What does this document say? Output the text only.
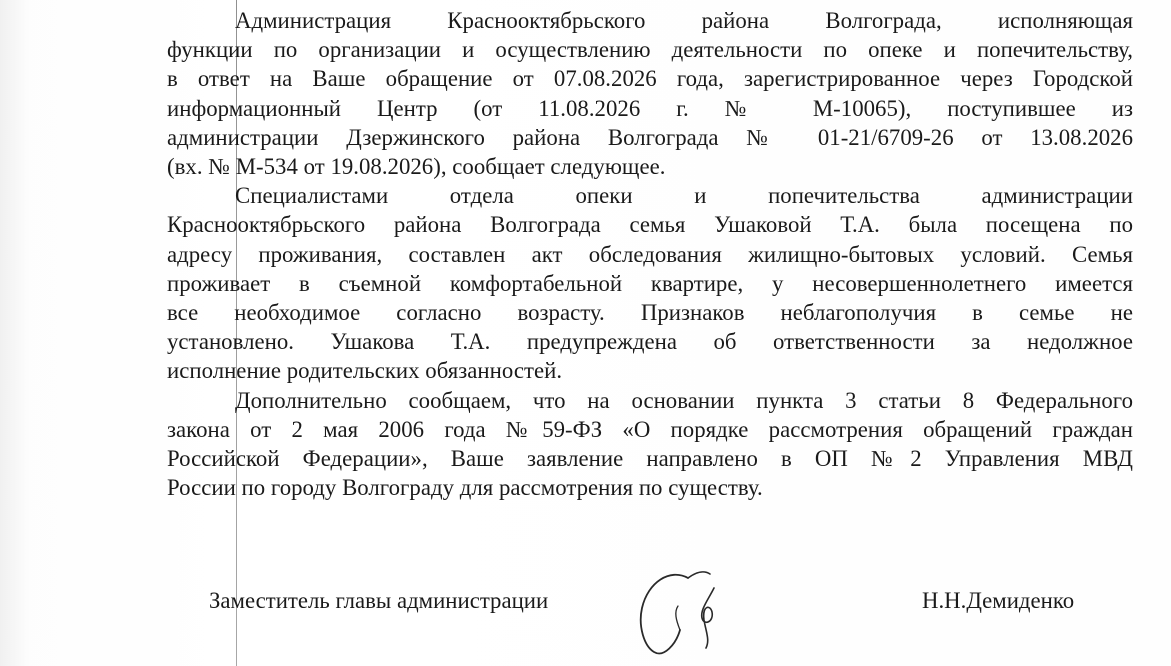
Администрация Краснооктябрьского района Волгограда, исполняющая
функции по организации и осуществлению деятельности по опеке и попечительству,
в ответ на Ваше обращение от 07.08.2026 года, зарегистрированное через Городской
информационный Центр (от 11.08.2026 г. № М-10065), поступившее из
администрации Дзержинского района Волгограда № 01-21/6709-26 от 13.08.2026
(вх. № М-534 от 19.08.2026), сообщает следующее.
Специалистами отдела опеки и попечительства администрации
Краснооктябрьского района Волгограда семья Ушаковой Т.А. была посещена по
адресу проживания, составлен акт обследования жилищно-бытовых условий. Семья
проживает в съемной комфортабельной квартире, у несовершеннолетнего имеется
все необходимое согласно возрасту. Признаков неблагополучия в семье не
установлено. Ушакова Т.А. предупреждена об ответственности за недолжное
исполнение родительских обязанностей.
Дополнительно сообщаем, что на основании пункта 3 статьи 8 Федерального
закона от 2 мая 2006 года №59-ФЗ «О порядке рассмотрения обращений граждан
Российской Федерации», Ваше заявление направлено в ОП №2 Управления МВД
России по городу Волгограду для рассмотрения по существу.
Заместитель главы администрации	Н.Н.Демиденко
